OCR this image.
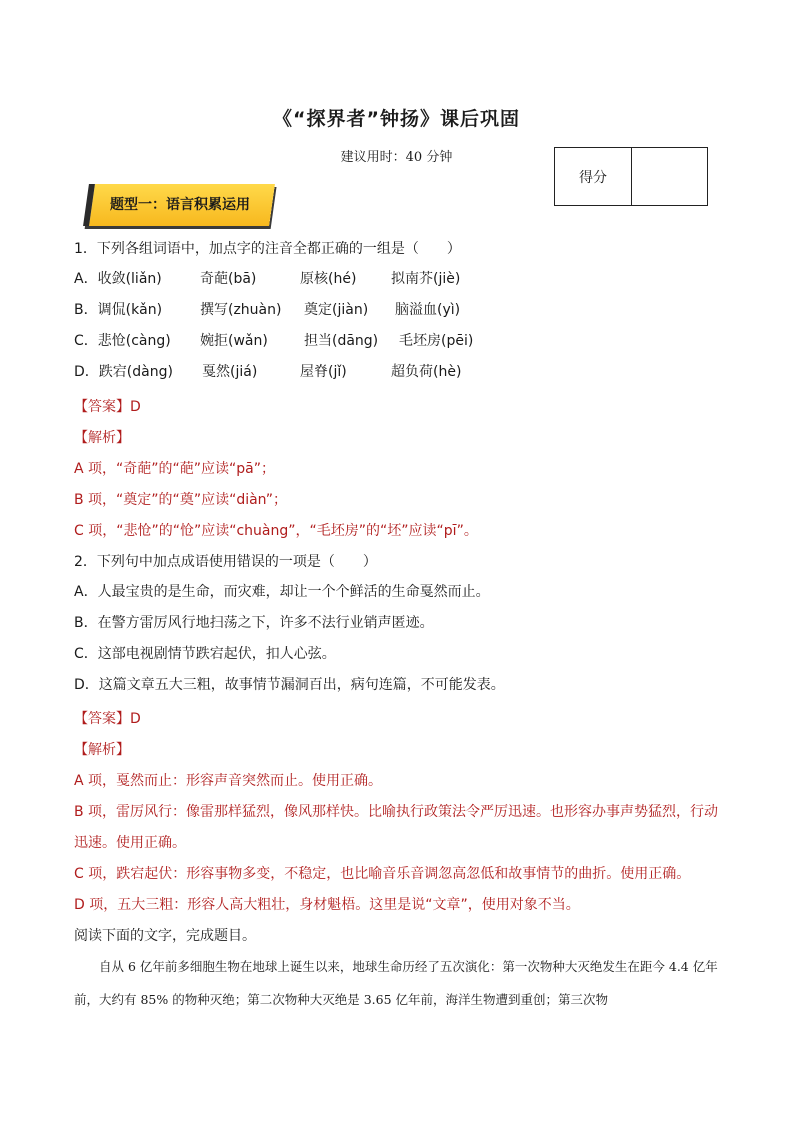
《“探界者”钟扬》课后巩固
建议用时：40 分钟
得分
题型一：语言积累运用
1．下列各组词语中，加点字的注音全都正确的一组是（　　）
A．收敛(liǎn)	奇葩(bā)	原核(hé) 拟南芥(jiè)
B．调侃(kǎn)	撰写(zhuàn) 奠定(jiàn) 脑溢血(yì)
C．悲怆(càng) 婉拒(wǎn)	担当(dāng) 毛坯房(pēi)
D．跌宕(dàng) 戛然(jiá)	屋脊(jǐ)	超负荷(hè)
【答案】D
【解析】
A 项，“奇葩”的“葩”应读“pā”；
B 项，“奠定”的“奠”应读“diàn”；
C 项，“悲怆”的“怆”应读“chuàng”，“毛坯房”的“坯”应读“pī”。
2．下列句中加点成语使用错误的一项是（　　）
A．人最宝贵的是生命，而灾难，却让一个个鲜活的生命戛然而止。
B．在警方雷厉风行地扫荡之下，许多不法行业销声匿迹。
C．这部电视剧情节跌宕起伏，扣人心弦。
D．这篇文章五大三粗，故事情节漏洞百出，病句连篇，不可能发表。
【答案】D
【解析】
A 项，戛然而止：形容声音突然而止。使用正确。
B 项，雷厉风行：像雷那样猛烈，像风那样快。比喻执行政策法令严厉迅速。也形容办事声势猛烈，行动
迅速。使用正确。
C 项，跌宕起伏：形容事物多变，不稳定，也比喻音乐音调忽高忽低和故事情节的曲折。使用正确。
D 项，五大三粗：形容人高大粗壮，身材魁梧。这里是说“文章”，使用对象不当。
阅读下面的文字，完成题目。
自从 6 亿年前多细胞生物在地球上诞生以来，地球生命历经了五次演化：第一次物种大灭绝发生在距今 4.4 亿年前，大约有 85% 的物种灭绝；第二次物种大灭绝是 3.65 亿年前，海洋生物遭到重创；第三次物
